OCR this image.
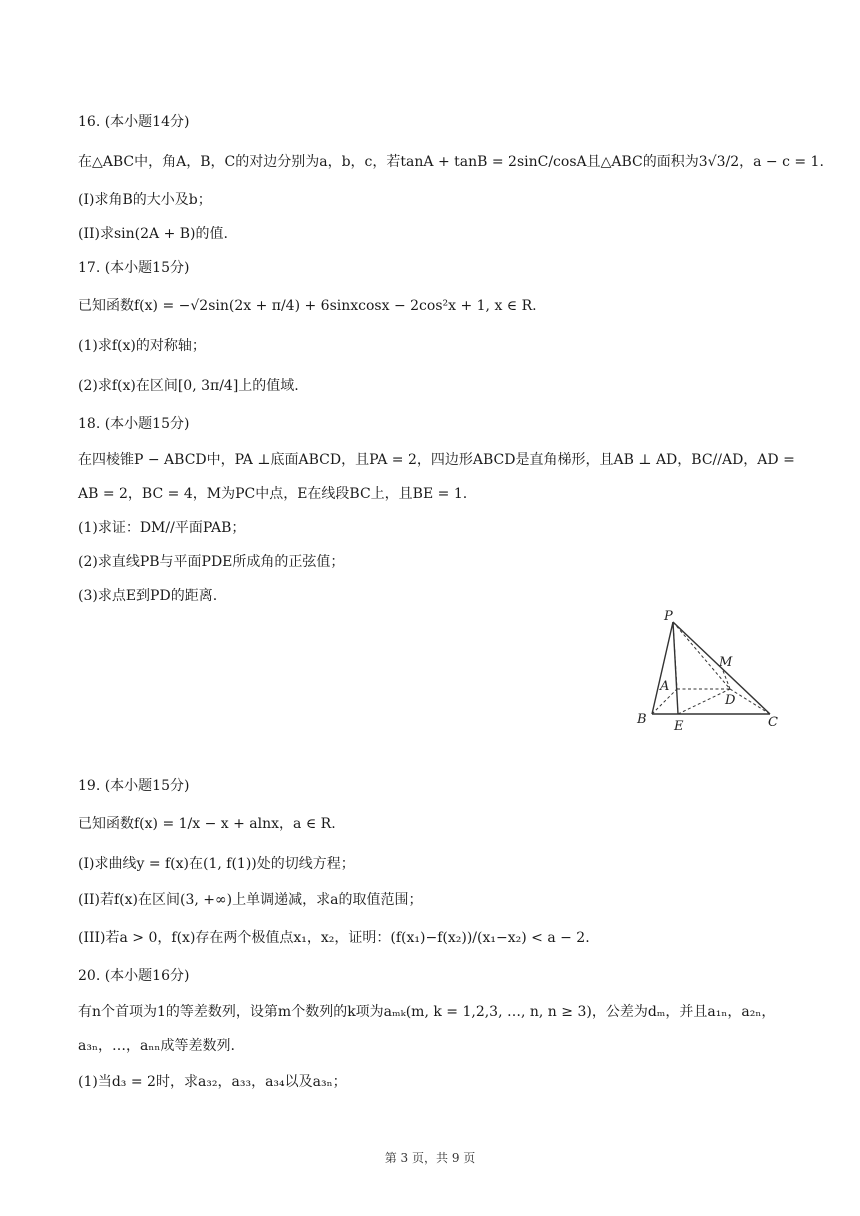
16. (本小题14分)
在△ABC中，角A，B，C的对边分别为a，b，c，若tanA + tanB = 2sinC/cosA且△ABC的面积为3√3/2，a − c = 1.
(I)求角B的大小及b；
(II)求sin(2A + B)的值.
17. (本小题15分)
已知函数f(x) = −√2sin(2x + π/4) + 6sinxcosx − 2cos²x + 1, x ∈ R.
(1)求f(x)的对称轴；
(2)求f(x)在区间[0, 3π/4]上的值域.
18. (本小题15分)
在四棱锥P − ABCD中，PA ⊥底面ABCD，且PA = 2，四边形ABCD是直角梯形，且AB ⊥ AD，BC//AD，AD =
AB = 2，BC = 4，M为PC中点，E在线段BC上，且BE = 1.
(1)求证：DM//平面PAB；
(2)求直线PB与平面PDE所成角的正弦值；
(3)求点E到PD的距离.
P
M
A
D
B E	C
19. (本小题15分)
已知函数f(x) = 1/x − x + alnx，a ∈ R.
(I)求曲线y = f(x)在(1, f(1))处的切线方程；
(II)若f(x)在区间(3, +∞)上单调递减，求a的取值范围；
(III)若a > 0，f(x)存在两个极值点x₁，x₂，证明：(f(x₁)−f(x₂))/(x₁−x₂) < a − 2.
20. (本小题16分)
有n个首项为1的等差数列，设第m个数列的k项为aₘₖ(m, k = 1,2,3, …, n, n ≥ 3)，公差为dₘ，并且a₁ₙ，a₂ₙ，
a₃ₙ，…，aₙₙ成等差数列.
(1)当d₃ = 2时，求a₃₂，a₃₃，a₃₄以及a₃ₙ；
第 3 页，共 9 页
